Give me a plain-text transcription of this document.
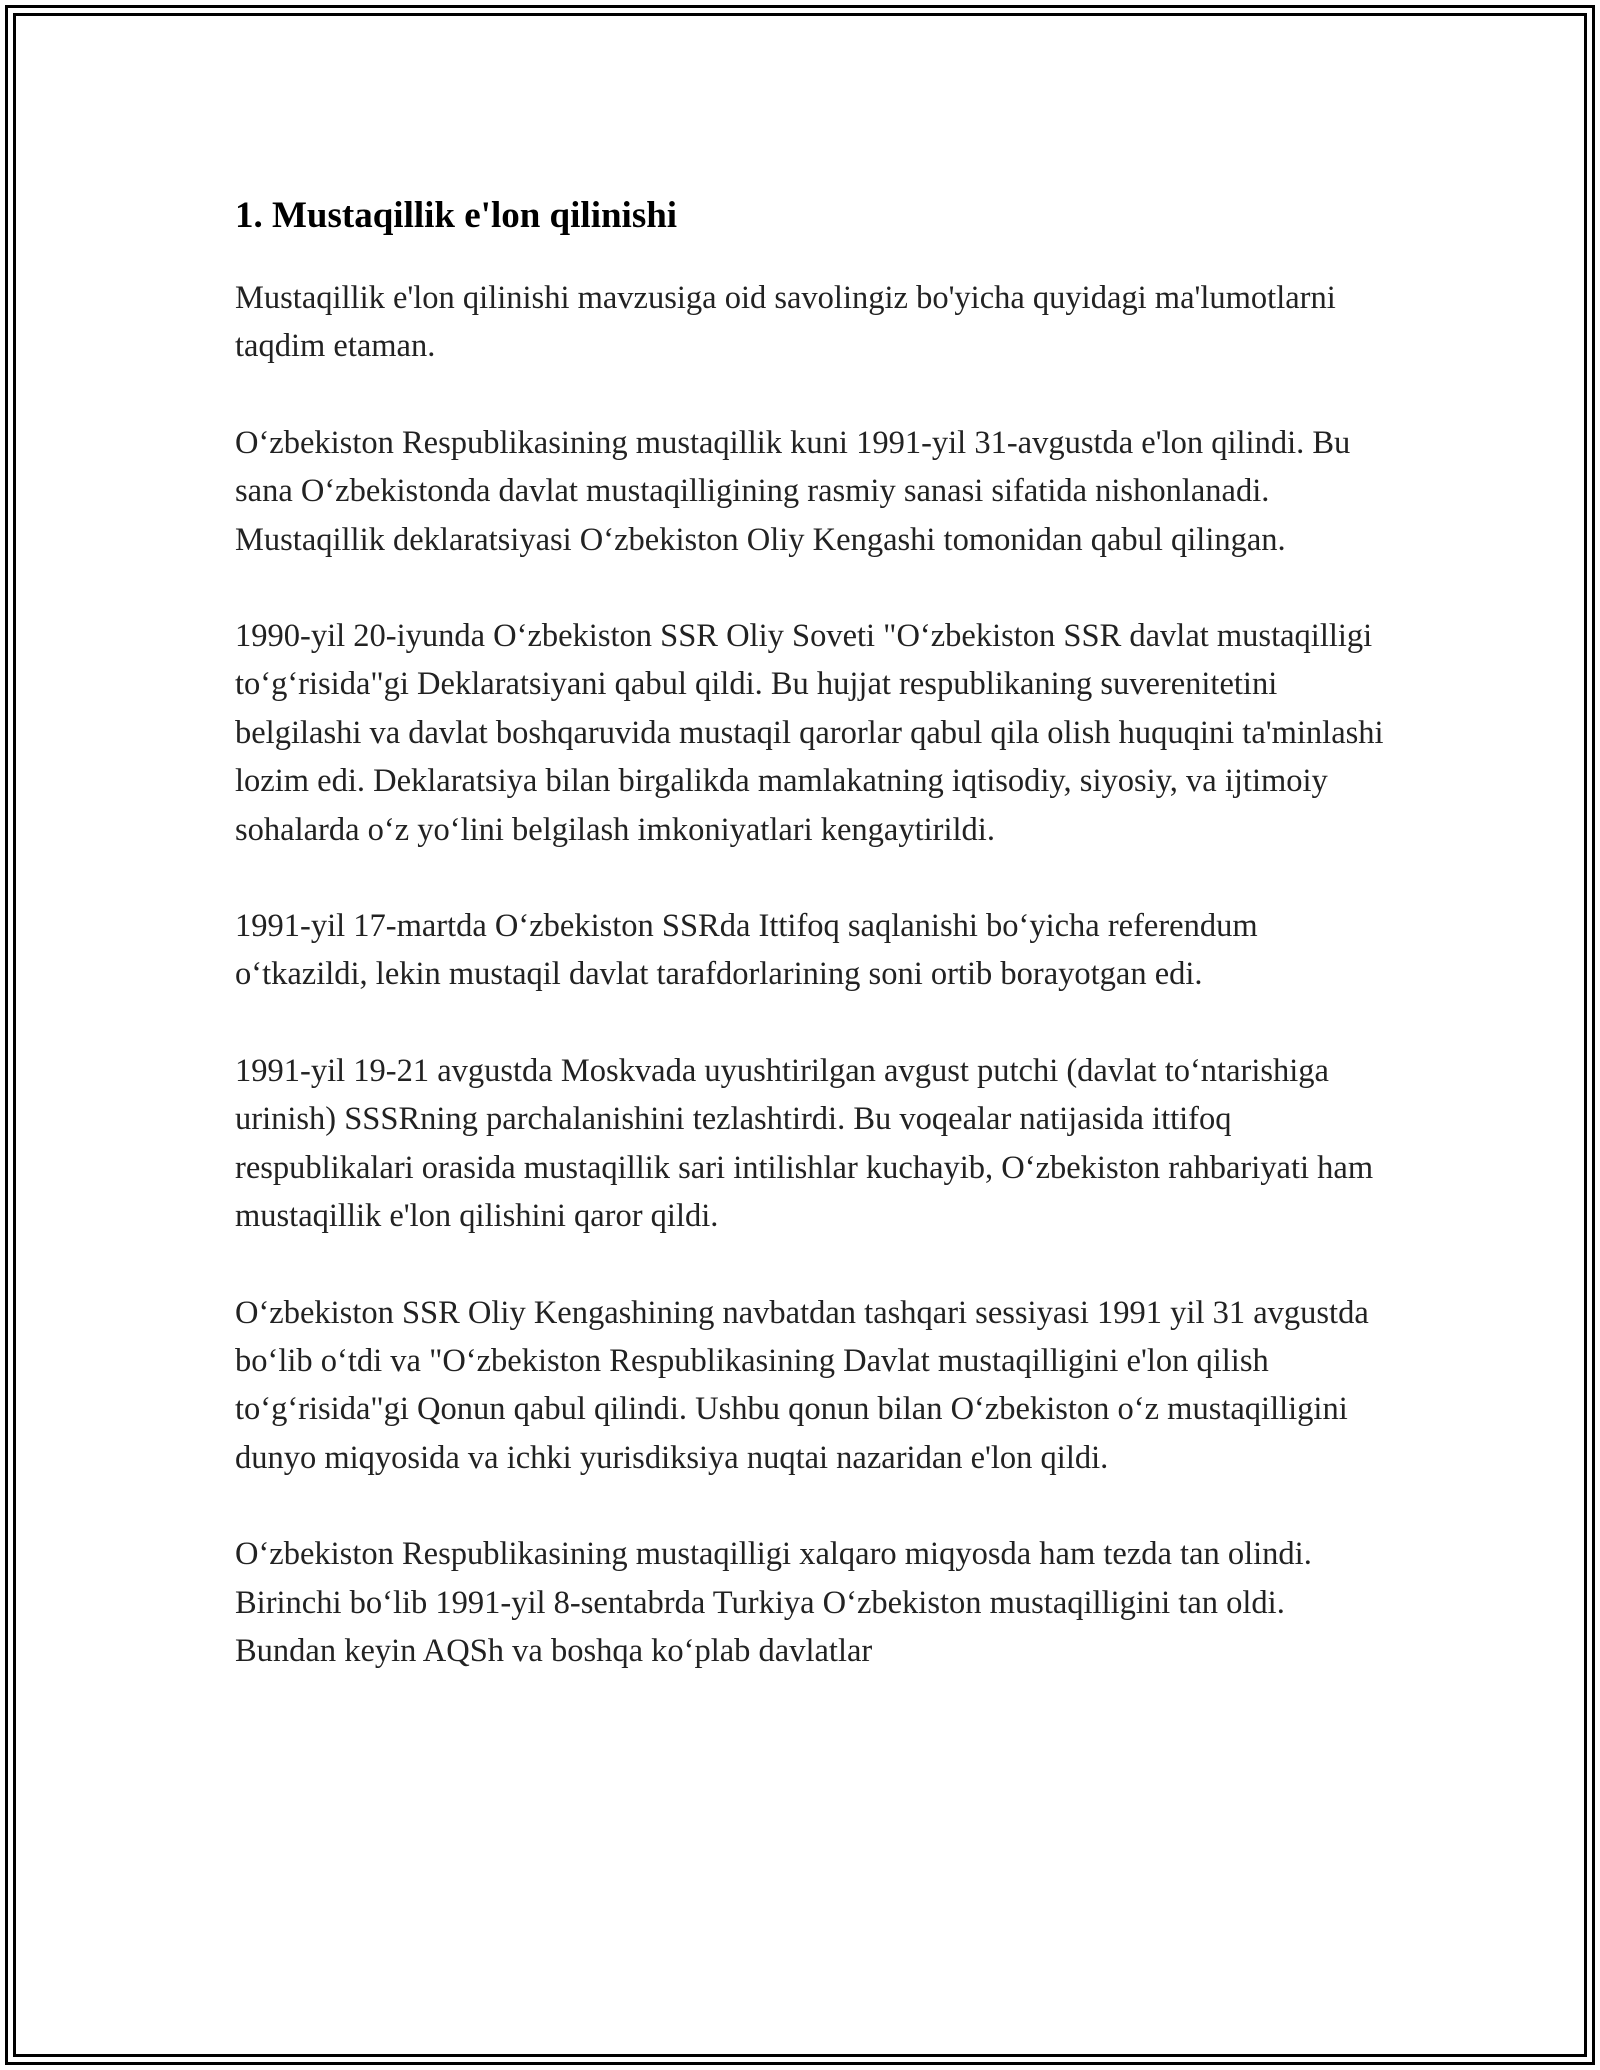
1. Mustaqillik e'lon qilinishi

Mustaqillik e'lon qilinishi mavzusiga oid savolingiz bo'yicha quyidagi ma'lumotlarni taqdim etaman.

O‘zbekiston Respublikasining mustaqillik kuni 1991-yil 31-avgustda e'lon qilindi. Bu sana O‘zbekistonda davlat mustaqilligining rasmiy sanasi sifatida nishonlanadi. Mustaqillik deklaratsiyasi O‘zbekiston Oliy Kengashi tomonidan qabul qilingan.

1990-yil 20-iyunda O‘zbekiston SSR Oliy Soveti "O‘zbekiston SSR davlat mustaqilligi to‘g‘risida"gi Deklaratsiyani qabul qildi. Bu hujjat respublikaning suverenitetini belgilashi va davlat boshqaruvida mustaqil qarorlar qabul qila olish huquqini ta'minlashi lozim edi. Deklaratsiya bilan birgalikda mamlakatning iqtisodiy, siyosiy, va ijtimoiy sohalarda o‘z yo‘lini belgilash imkoniyatlari kengaytirildi.

1991-yil 17-martda O‘zbekiston SSRda Ittifoq saqlanishi bo‘yicha referendum o‘tkazildi, lekin mustaqil davlat tarafdorlarining soni ortib borayotgan edi.

1991-yil 19-21 avgustda Moskvada uyushtirilgan avgust putchi (davlat to‘ntarishiga urinish) SSSRning parchalanishini tezlashtirdi. Bu voqealar natijasida ittifoq respublikalari orasida mustaqillik sari intilishlar kuchayib, O‘zbekiston rahbariyati ham mustaqillik e'lon qilishini qaror qildi.

O‘zbekiston SSR Oliy Kengashining navbatdan tashqari sessiyasi 1991 yil 31 avgustda bo‘lib o‘tdi va "O‘zbekiston Respublikasining Davlat mustaqilligini e'lon qilish to‘g‘risida"gi Qonun qabul qilindi. Ushbu qonun bilan O‘zbekiston o‘z mustaqilligini dunyo miqyosida va ichki yurisdiksiya nuqtai nazaridan e'lon qildi.

O‘zbekiston Respublikasining mustaqilligi xalqaro miqyosda ham tezda tan olindi. Birinchi bo‘lib 1991-yil 8-sentabrda Turkiya O‘zbekiston mustaqilligini tan oldi. Bundan keyin AQSh va boshqa ko‘plab davlatlar
